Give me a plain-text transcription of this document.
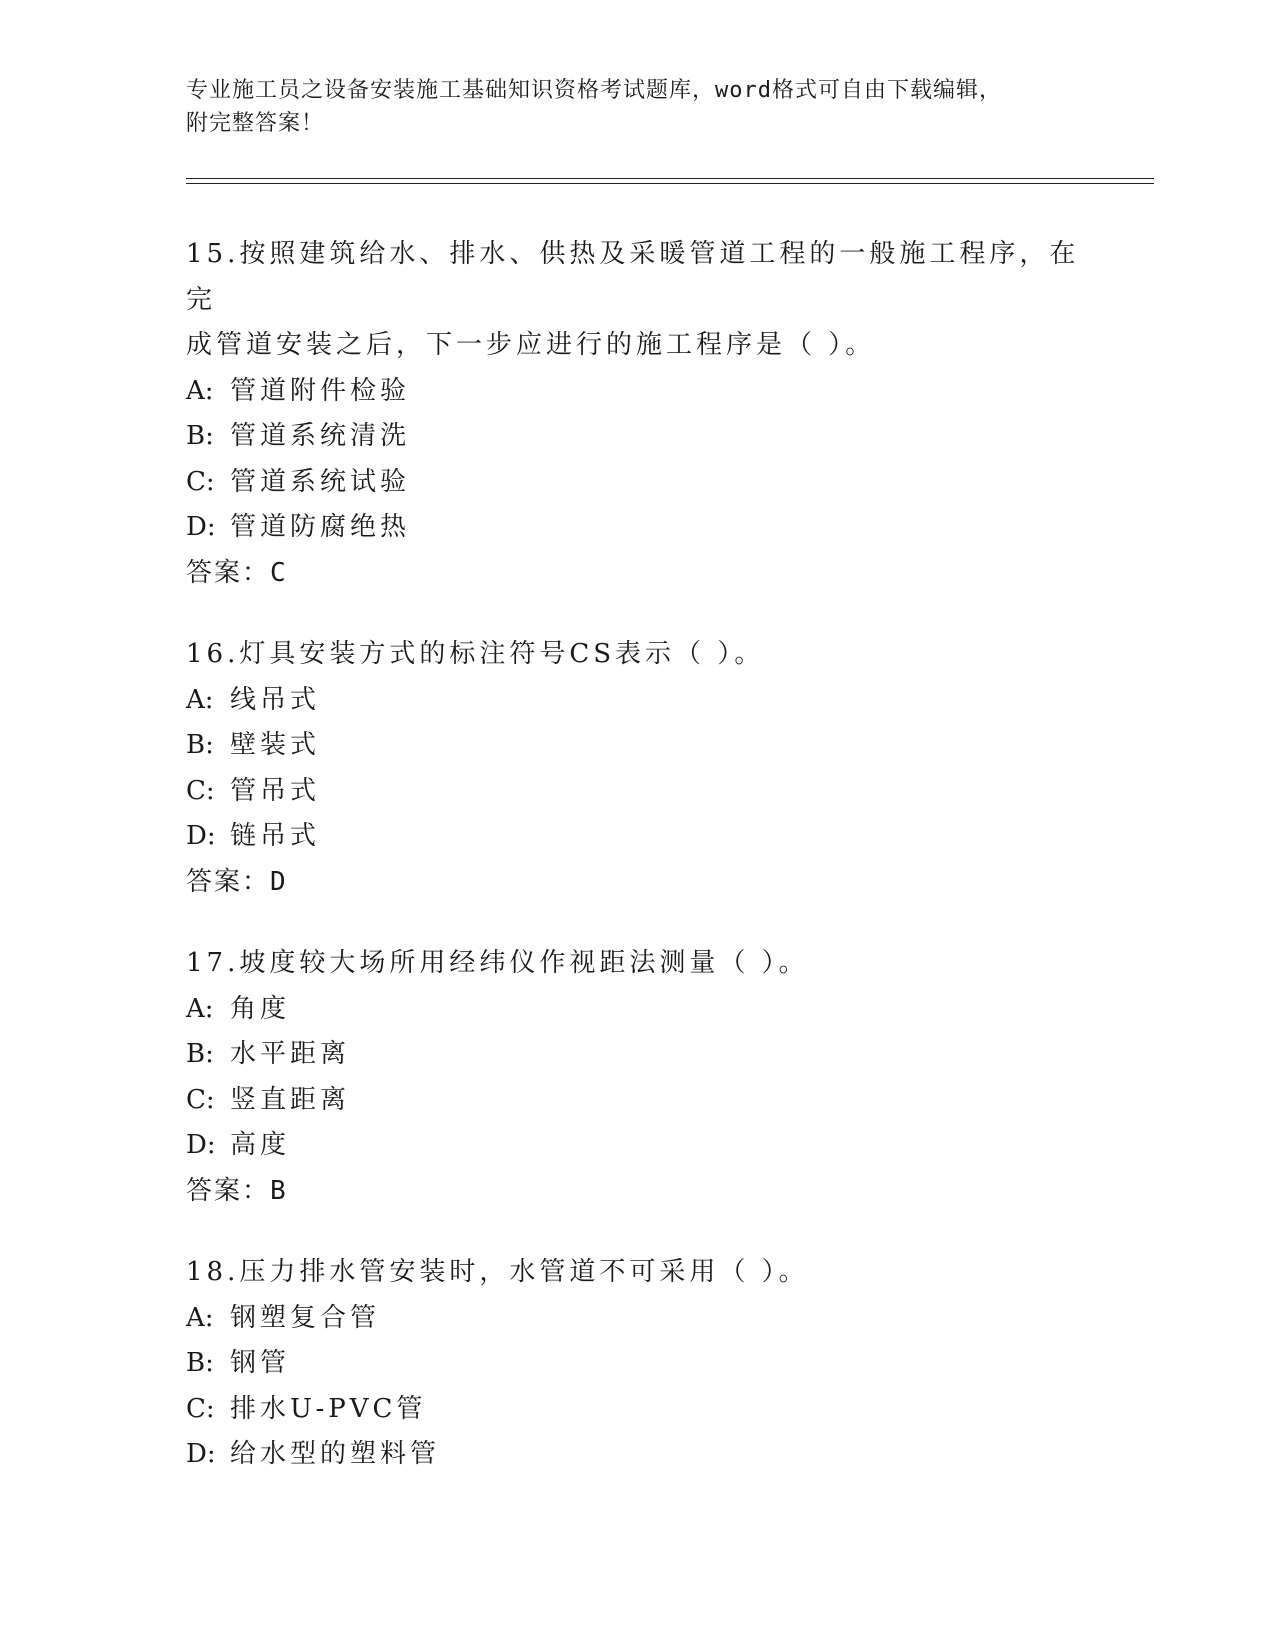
专业施工员之设备安装施工基础知识资格考试题库，word格式可自由下载编辑，
附完整答案！

15.按照建筑给水、排水、供热及采暖管道工程的一般施工程序，在完

成管道安装之后，下一步应进行的施工程序是（ ）。

A: 管道附件检验

B: 管道系统清洗

C: 管道系统试验

D: 管道防腐绝热

答案：C

16.灯具安装方式的标注符号CS表示（ ）。

A: 线吊式

B: 壁装式

C: 管吊式

D: 链吊式

答案：D

17.坡度较大场所用经纬仪作视距法测量（ ）。

A: 角度

B: 水平距离

C: 竖直距离

D: 高度

答案：B

18.压力排水管安装时，水管道不可采用（ ）。

A: 钢塑复合管

B: 钢管

C: 排水U-PVC管

D: 给水型的塑料管
